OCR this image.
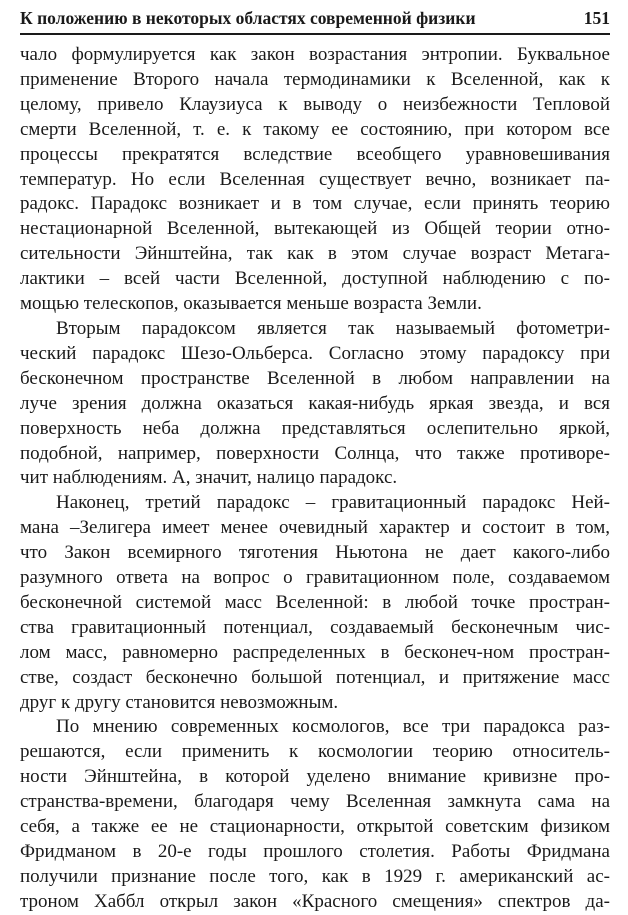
К положению в некоторых областях современной физики	151
чало формулируется как закон возрастания энтропии. Буквальное
применение Второго начала термодинамики к Вселенной, как к
целому, привело Клаузиуса к выводу о неизбежности Тепловой
смерти Вселенной, т. е. к такому ее состоянию, при котором все
процессы прекратятся вследствие всеобщего уравновешивания
температур. Но если Вселенная существует вечно, возникает па-
радокс. Парадокс возникает и в том случае, если принять теорию
нестационарной Вселенной, вытекающей из Общей теории отно-
сительности Эйнштейна, так как в этом случае возраст Метага-
лактики – всей части Вселенной, доступной наблюдению с по-
мощью телескопов, оказывается меньше возраста Земли.
Вторым парадоксом является так называемый фотометри-
ческий парадокс Шезо-Ольберса. Согласно этому парадоксу при
бесконечном пространстве Вселенной в любом направлении на
луче зрения должна оказаться какая-нибудь яркая звезда, и вся
поверхность неба должна представляться ослепительно яркой,
подобной, например, поверхности Солнца, что также противоре-
чит наблюдениям. А, значит, налицо парадокс.
Наконец, третий парадокс – гравитационный парадокс Ней-
мана –Зелигера имеет менее очевидный характер и состоит в том,
что Закон всемирного тяготения Ньютона не дает какого-либо
разумного ответа на вопрос о гравитационном поле, создаваемом
бесконечной системой масс Вселенной: в любой точке простран-
ства гравитационный потенциал, создаваемый бесконечным чис-
лом масс, равномерно распределенных в бесконеч-ном простран-
стве, создаст бесконечно большой потенциал, и притяжение масс
друг к другу становится невозможным.
По мнению современных космологов, все три парадокса раз-
решаются, если применить к космологии теорию относитель-
ности Эйнштейна, в которой уделено внимание кривизне про-
странства-времени, благодаря чему Вселенная замкнута сама на
себя, а также ее не стационарности, открытой советским физиком
Фридманом в 20-е годы прошлого столетия. Работы Фридмана
получили признание после того, как в 1929 г. американский ас-
троном Хаббл открыл закон «Красного смещения» спектров да-
